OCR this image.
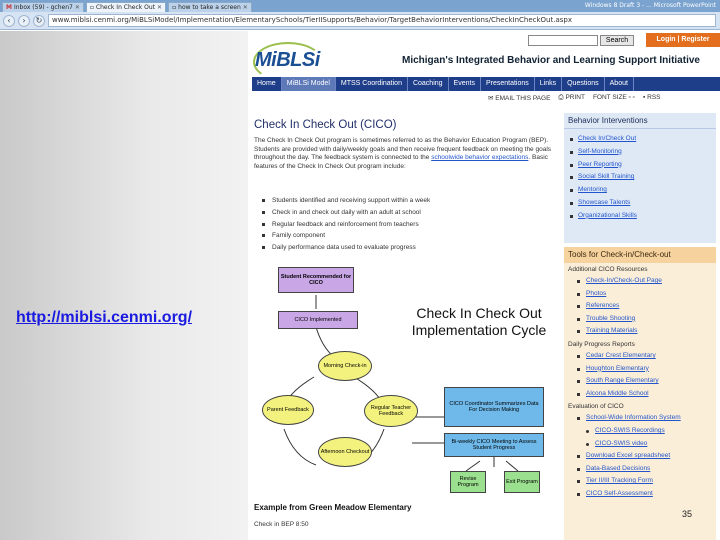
M Inbox (59) - gchen7 ✕ ▫ Check In Check Out ✕ ▫ how to take a screen ✕	Windows 8 Draft 3 - ... Microsoft PowerPoint
‹	›	↻	www.miblsi.cenmi.org/MiBLSiModel/Implementation/ElementarySchools/TierIISupports/Behavior/TargetBehaviorInterventions/CheckInCheckOut.aspx
http://miblsi.cenmi.org/
MiBLSi	Michigan's Integrated Behavior and Learning Support Initiative
Search	Login | Register
Home	MiBLSi Model	MTSS Coordination	Coaching	Events	Presentations	Links	Questions	About
✉ EMAIL THIS PAGE ⎙ PRINT FONT SIZE ▫ ▫ ▪ RSS
Check In Check Out (CICO)
The Check In Check Out program is sometimes referred to as the Behavior Education Program (BEP). Students are provided with daily/weekly goals and then receive frequent feedback on meeting the goals throughout the day. The feedback system is connected to the schoolwide behavior expectations. Basic features of the Check In Check Out program include:
Students identified and receiving support within a week
Check in and check out daily with an adult at school
Regular feedback and reinforcement from teachers
Family component
Daily performance data used to evaluate progress
Student Recommended for CICO
CICO Implemented	Check In Check Out
Implementation Cycle
Morning Check-in
Parent Feedback	Regular Teacher Feedback
Afternoon Checkout
CICO Coordinator Summarizes Data For Decision Making
Bi-weekly CICO Meeting to Assess Student Progress
Revise Program
Exit Program
Example from Green Meadow Elementary
Check in BEP 8:50
Behavior Interventions
Check In/Check Out
Self-Monitoring
Peer Reporting
Social Skill Training
Mentoring
Showcase Talents
Organizational Skills
Tools for Check-in/Check-out
Additional CICO Resources
Check-In/Check-Out Page
Photos
References
Trouble Shooting
Training Materials
Daily Progress Reports
Cedar Crest Elementary
Houghton Elementary
South Range Elementary
Alcona Middle School
Evaluation of CICO
School-Wide Information System
CICO-SWIS Recordings
CICO-SWIS video
Download Excel spreadsheet
Data-Based Decisions
Tier II/III Tracking Form
CICO Self-Assessment
35
